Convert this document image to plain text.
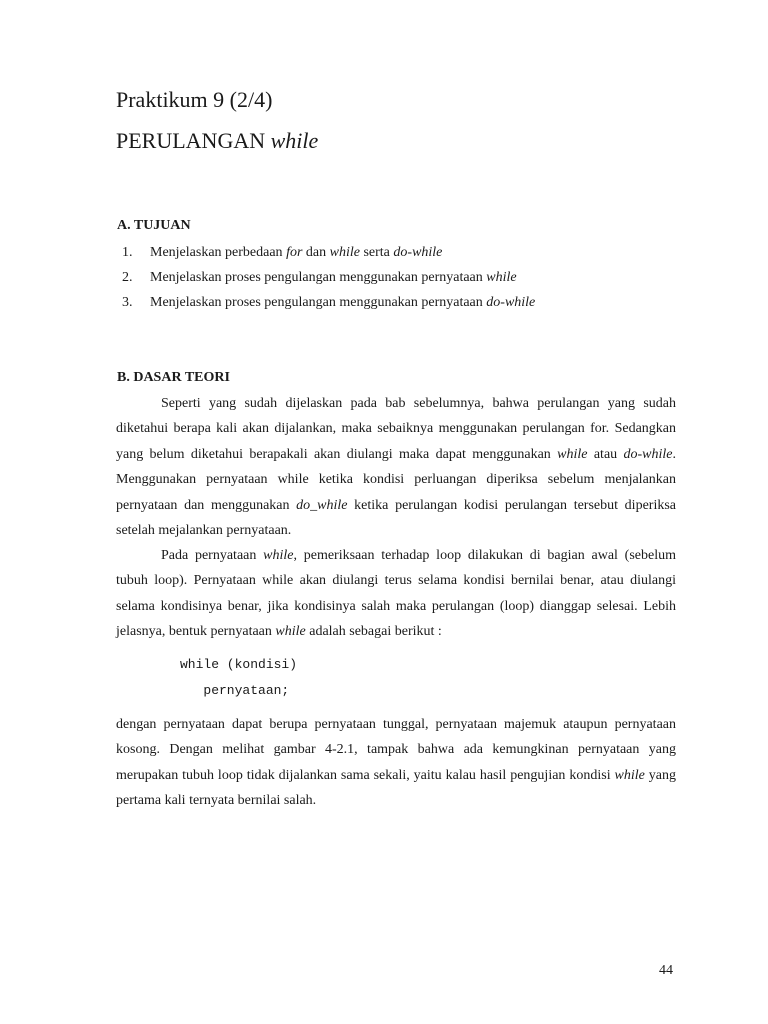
Praktikum 9 (2/4)
PERULANGAN while
A. TUJUAN
1. Menjelaskan perbedaan for dan while serta do-while
2. Menjelaskan proses pengulangan menggunakan pernyataan while
3. Menjelaskan proses pengulangan menggunakan pernyataan do-while
B. DASAR TEORI

Seperti yang sudah dijelaskan pada bab sebelumnya, bahwa perulangan yang sudah diketahui berapa kali akan dijalankan, maka sebaiknya menggunakan perulangan for. Sedangkan yang belum diketahui berapakali akan diulangi maka dapat menggunakan while atau do-while. Menggunakan pernyataan while ketika kondisi perluangan diperiksa sebelum menjalankan pernyataan dan menggunakan do_while ketika perulangan kodisi perulangan tersebut diperiksa setelah mejalankan pernyataan.

Pada pernyataan while, pemeriksaan terhadap loop dilakukan di bagian awal (sebelum tubuh loop). Pernyataan while akan diulangi terus selama kondisi bernilai benar, atau diulangi selama kondisinya benar, jika kondisinya salah maka perulangan (loop) dianggap selesai. Lebih jelasnya, bentuk pernyataan while adalah sebagai berikut :

while (kondisi)
pernyataan;

dengan pernyataan dapat berupa pernyataan tunggal, pernyataan majemuk ataupun pernyataan kosong. Dengan melihat gambar 4-2.1, tampak bahwa ada kemungkinan pernyataan yang merupakan tubuh loop tidak dijalankan sama sekali, yaitu kalau hasil pengujian kondisi while yang pertama kali ternyata bernilai salah.

44
